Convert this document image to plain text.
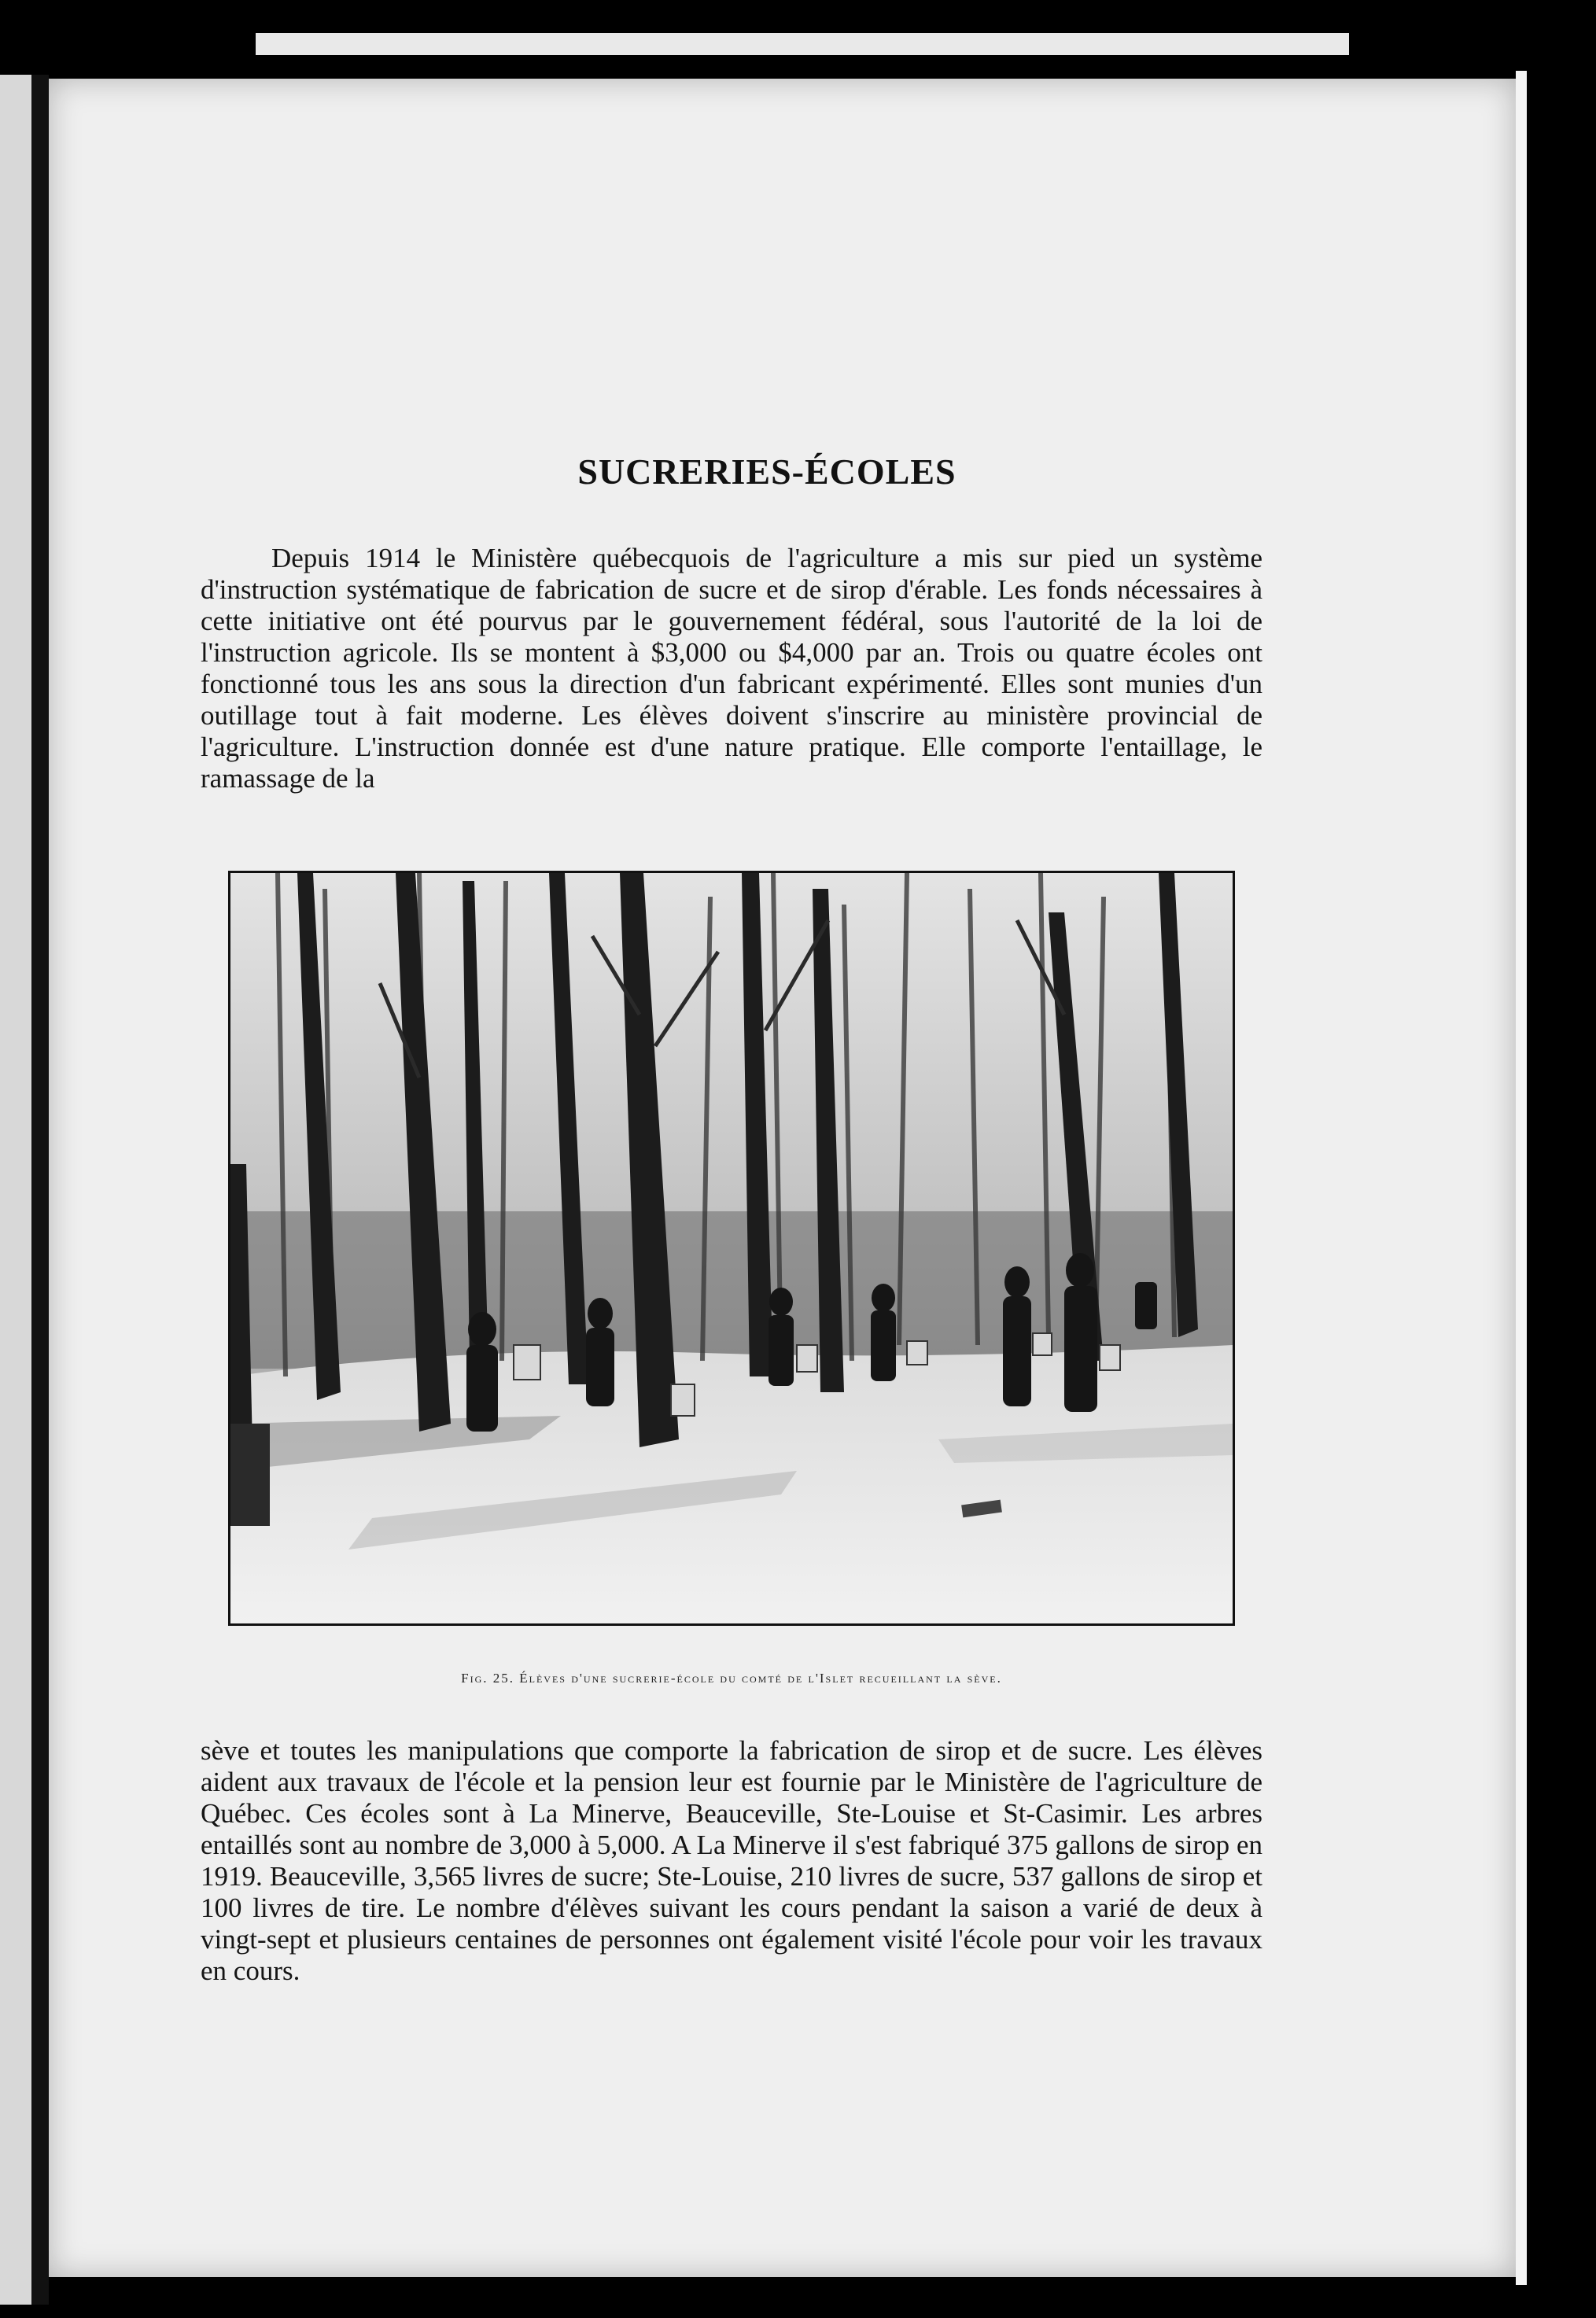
SUCRERIES-ÉCOLES
Depuis 1914 le Ministère québecquois de l'agriculture a mis sur pied un système d'instruction systématique de fabrication de sucre et de sirop d'érable. Les fonds nécessaires à cette initiative ont été pourvus par le gouvernement fédéral, sous l'autorité de la loi de l'instruction agricole. Ils se montent à $3,000 ou $4,000 par an. Trois ou quatre écoles ont fonctionné tous les ans sous la direction d'un fabricant expérimenté. Elles sont munies d'un outillage tout à fait moderne. Les élèves doivent s'inscrire au ministère provincial de l'agriculture. L'instruction donnée est d'une nature pratique. Elle comporte l'entaillage, le ramassage de la
Fig. 25. Élèves d'une sucrerie-école du comté de l'Islet recueillant la sève.
sève et toutes les manipulations que comporte la fabrication de sirop et de sucre. Les élèves aident aux travaux de l'école et la pension leur est fournie par le Ministère de l'agriculture de Québec. Ces écoles sont à La Minerve, Beauceville, Ste-Louise et St-Casimir. Les arbres entaillés sont au nombre de 3,000 à 5,000. A La Minerve il s'est fabriqué 375 gallons de sirop en 1919. Beauceville, 3,565 livres de sucre; Ste-Louise, 210 livres de sucre, 537 gallons de sirop et 100 livres de tire. Le nombre d'élèves suivant les cours pendant la saison a varié de deux à vingt-sept et plusieurs centaines de personnes ont également visité l'école pour voir les travaux en cours.
